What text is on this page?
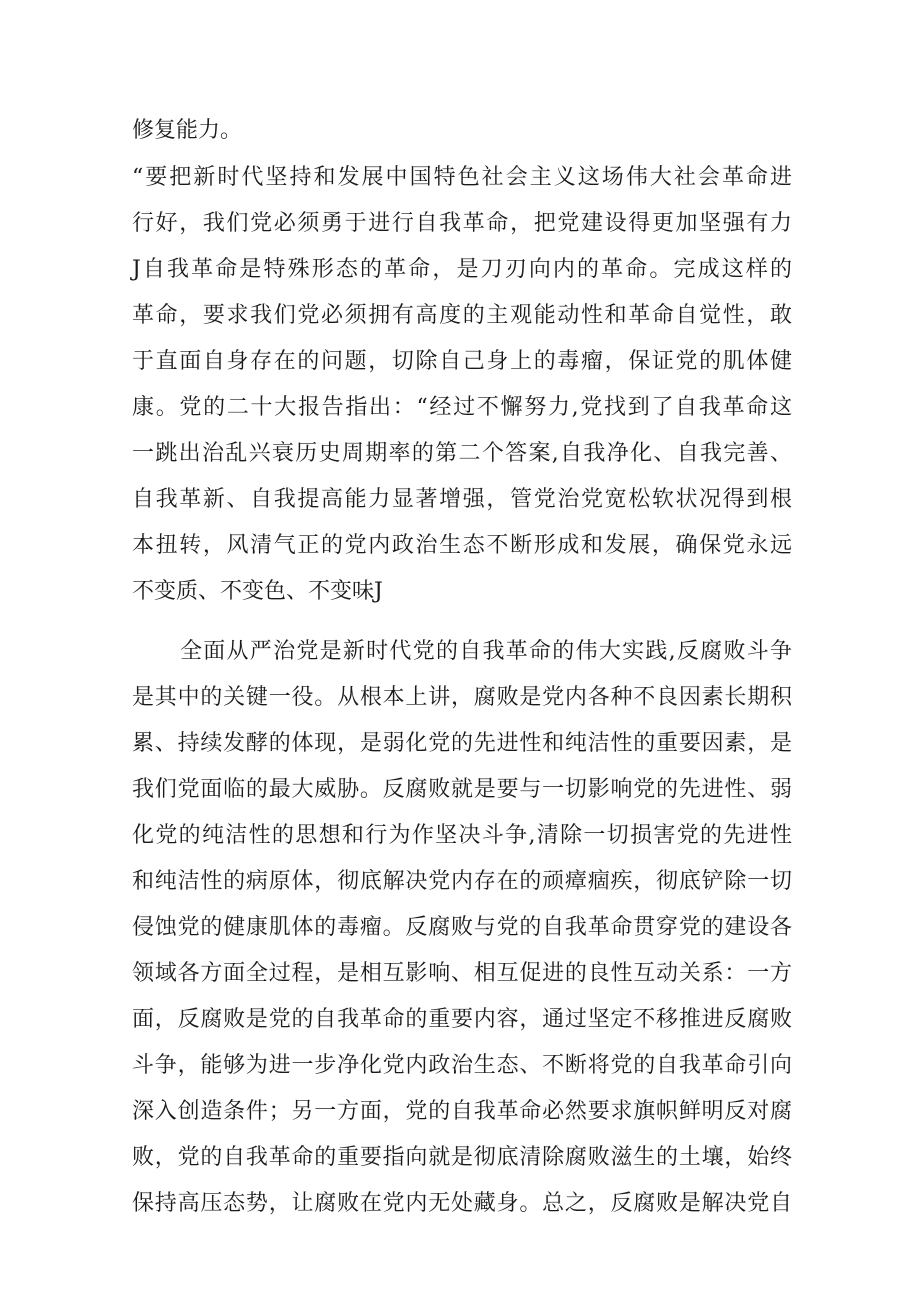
修复能力。
“要把新时代坚持和发展中国特色社会主义这场伟大社会革命进
行好，我们党必须勇于进行自我革命，把党建设得更加坚强有力
J自我革命是特殊形态的革命，是刀刃向内的革命。完成这样的
革命，要求我们党必须拥有高度的主观能动性和革命自觉性，敢
于直面自身存在的问题，切除自己身上的毒瘤，保证党的肌体健
康。党的二十大报告指出：“经过不懈努力,党找到了自我革命这
一跳出治乱兴衰历史周期率的第二个答案,自我净化、自我完善、
自我革新、自我提高能力显著增强，管党治党宽松软状况得到根
本扭转，风清气正的党内政治生态不断形成和发展，确保党永远
不变质、不变色、不变味J
全面从严治党是新时代党的自我革命的伟大实践,反腐败斗争
是其中的关键一役。从根本上讲，腐败是党内各种不良因素长期积
累、持续发酵的体现，是弱化党的先进性和纯洁性的重要因素，是
我们党面临的最大威胁。反腐败就是要与一切影响党的先进性、弱
化党的纯洁性的思想和行为作坚决斗争,清除一切损害党的先进性
和纯洁性的病原体，彻底解决党内存在的顽瘴痼疾，彻底铲除一切
侵蚀党的健康肌体的毒瘤。反腐败与党的自我革命贯穿党的建设各
领域各方面全过程，是相互影响、相互促进的良性互动关系：一方
面，反腐败是党的自我革命的重要内容，通过坚定不移推进反腐败
斗争，能够为进一步净化党内政治生态、不断将党的自我革命引向
深入创造条件；另一方面，党的自我革命必然要求旗帜鲜明反对腐
败，党的自我革命的重要指向就是彻底清除腐败滋生的土壤，始终
保持高压态势，让腐败在党内无处藏身。总之，反腐败是解决党自
